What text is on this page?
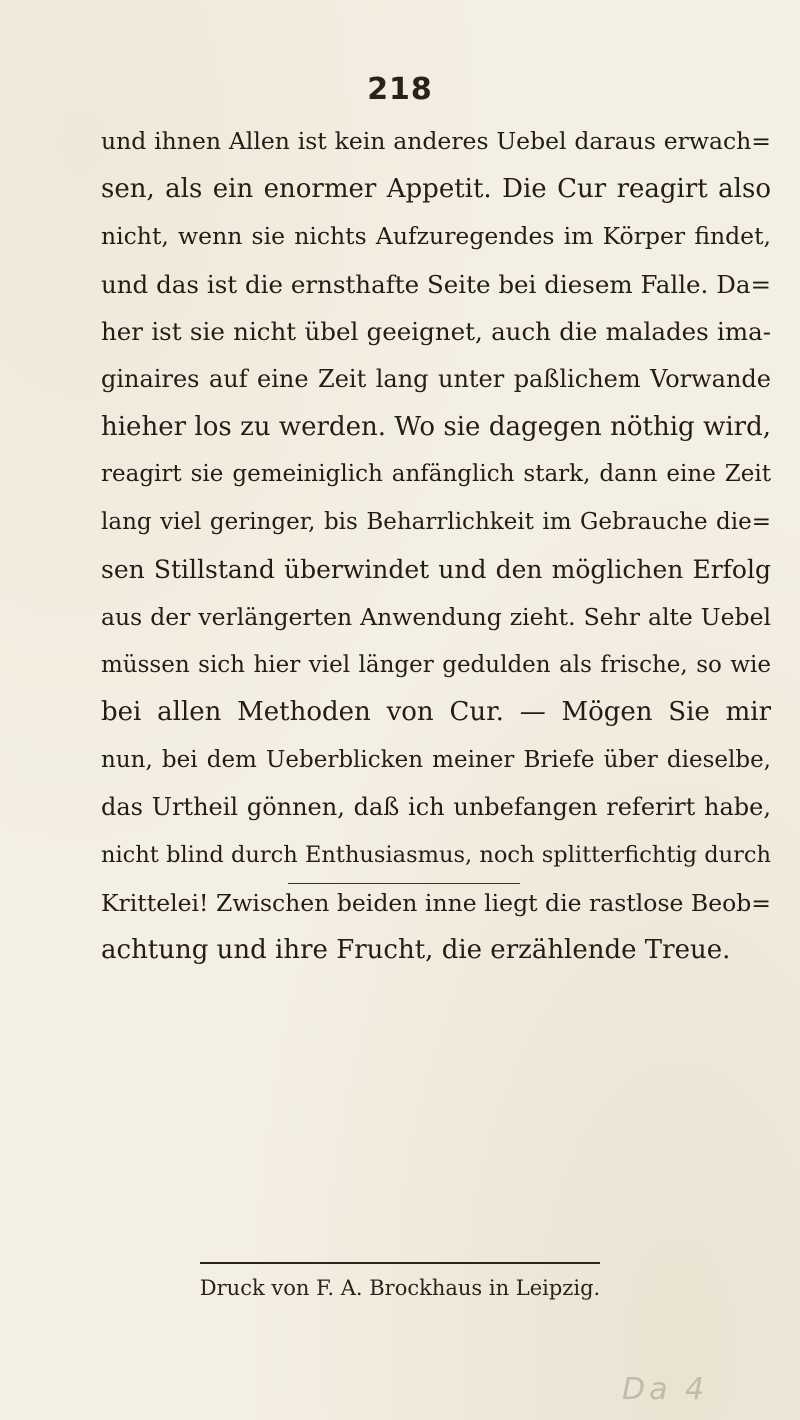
218
und ihnen Allen ist kein anderes Uebel daraus erwach=
sen, als ein enormer Appetit. Die Cur reagirt also
nicht, wenn sie nichts Aufzuregendes im Körper findet,
und das ist die ernsthafte Seite bei diesem Falle. Da=
her ist sie nicht übel geeignet, auch die malades ima-
ginaires auf eine Zeit lang unter paßlichem Vorwande
hieher los zu werden. Wo sie dagegen nöthig wird,
reagirt sie gemeiniglich anfänglich stark, dann eine Zeit
lang viel geringer, bis Beharrlichkeit im Gebrauche die=
sen Stillstand überwindet und den möglichen Erfolg
aus der verlängerten Anwendung zieht. Sehr alte Uebel
müssen sich hier viel länger gedulden als frische, so wie
bei allen Methoden von Cur. — Mögen Sie mir
nun, bei dem Ueberblicken meiner Briefe über dieselbe,
das Urtheil gönnen, daß ich unbefangen referirt habe,
nicht blind durch Enthusiasmus, noch splitterfichtig durch
Krittelei! Zwischen beiden inne liegt die rastlose Beob=
achtung und ihre Frucht, die erzählende Treue.
Druck von F. A. Brockhaus in Leipzig.
Da 4
